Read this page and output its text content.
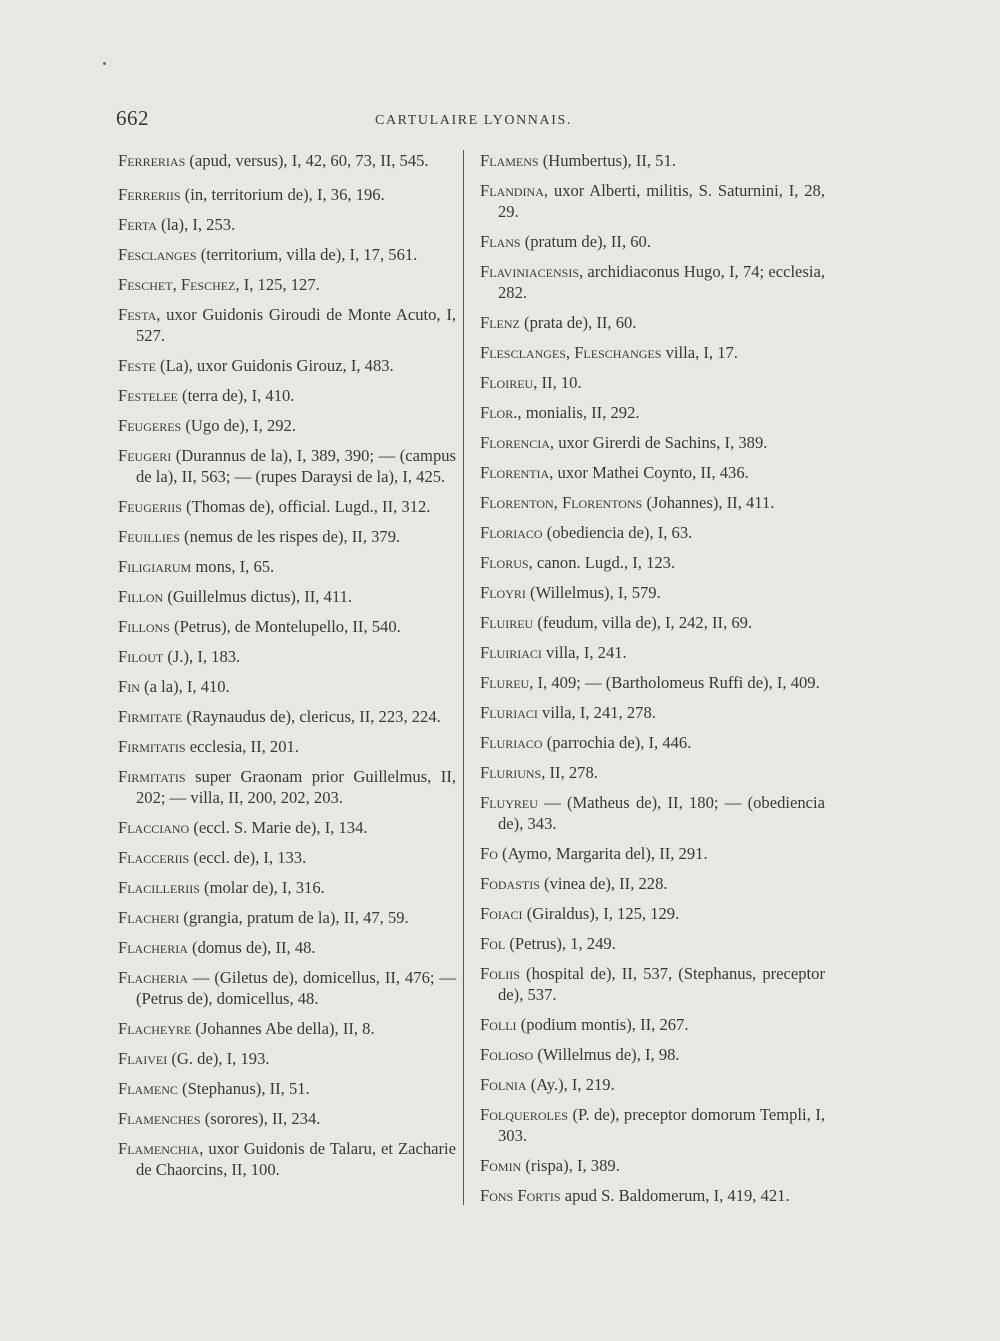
662	CARTULAIRE LYONNAIS.

Ferrerias (apud, versus), I, 42, 60, 73, II, 545.

Ferreriis (in, territorium de), I, 36, 196.

Ferta (la), I, 253.

Fesclanges (territorium, villa de), I, 17, 561.

Feschet, Feschez, I, 125, 127.

Festa, uxor Guidonis Giroudi de Monte Acuto, I, 527.

Feste (La), uxor Guidonis Girouz, I, 483.

Festelee (terra de), I, 410.

Feugeres (Ugo de), I, 292.

Feugeri (Durannus de la), I, 389, 390; — (campus de la), II, 563; — (rupes Daraysi de la), I, 425.

Feugeriis (Thomas de), official. Lugd., II, 312.

Feuillies (nemus de les rispes de), II, 379.

Filigiarum mons, I, 65.

Fillon (Guillelmus dictus), II, 411.

Fillons (Petrus), de Montelupello, II, 540.

Filout (J.), I, 183.

Fin (a la), I, 410.

Firmitate (Raynaudus de), clericus, II, 223, 224.

Firmitatis ecclesia, II, 201.

Firmitatis super Graonam prior Guillelmus, II, 202; — villa, II, 200, 202, 203.

Flacciano (eccl. S. Marie de), I, 134.

Flacceriis (eccl. de), I, 133.

Flacilleriis (molar de), I, 316.

Flacheri (grangia, pratum de la), II, 47, 59.

Flacheria (domus de), II, 48.

Flacheria — (Giletus de), domicellus, II, 476; — (Petrus de), domicellus, 48.

Flacheyre (Johannes Abe della), II, 8.

Flaivei (G. de), I, 193.

Flamenc (Stephanus), II, 51.

Flamenches (sorores), II, 234.

Flamenchia, uxor Guidonis de Talaru, et Zacharie de Chaorcins, II, 100.

Flamens (Humbertus), II, 51.

Flandina, uxor Alberti, militis, S. Saturnini, I, 28, 29.

Flans (pratum de), II, 60.

Flaviniacensis, archidiaconus Hugo, I, 74; ecclesia, 282.

Flenz (prata de), II, 60.

Flesclanges, Fleschanges villa, I, 17.

Floireu, II, 10.

Flor., monialis, II, 292.

Florencia, uxor Girerdi de Sachins, I, 389.

Florentia, uxor Mathei Coynto, II, 436.

Florenton, Florentons (Johannes), II, 411.

Floriaco (obediencia de), I, 63.

Florus, canon. Lugd., I, 123.

Floyri (Willelmus), I, 579.

Fluireu (feudum, villa de), I, 242, II, 69.

Fluiriaci villa, I, 241.

Flureu, I, 409; — (Bartholomeus Ruffi de), I, 409.

Fluriaci villa, I, 241, 278.

Fluriaco (parrochia de), I, 446.

Fluriuns, II, 278.

Fluyreu — (Matheus de), II, 180; — (obediencia de), 343.

Fo (Aymo, Margarita del), II, 291.

Fodastis (vinea de), II, 228.

Foiaci (Giraldus), I, 125, 129.

Fol (Petrus), 1, 249.

Foliis (hospital de), II, 537, (Stephanus, preceptor de), 537.

Folli (podium montis), II, 267.

Folioso (Willelmus de), I, 98.

Folnia (Ay.), I, 219.

Folqueroles (P. de), preceptor domorum Templi, I, 303.

Fomin (rispa), I, 389.

Fons Fortis apud S. Baldomerum, I, 419, 421.
